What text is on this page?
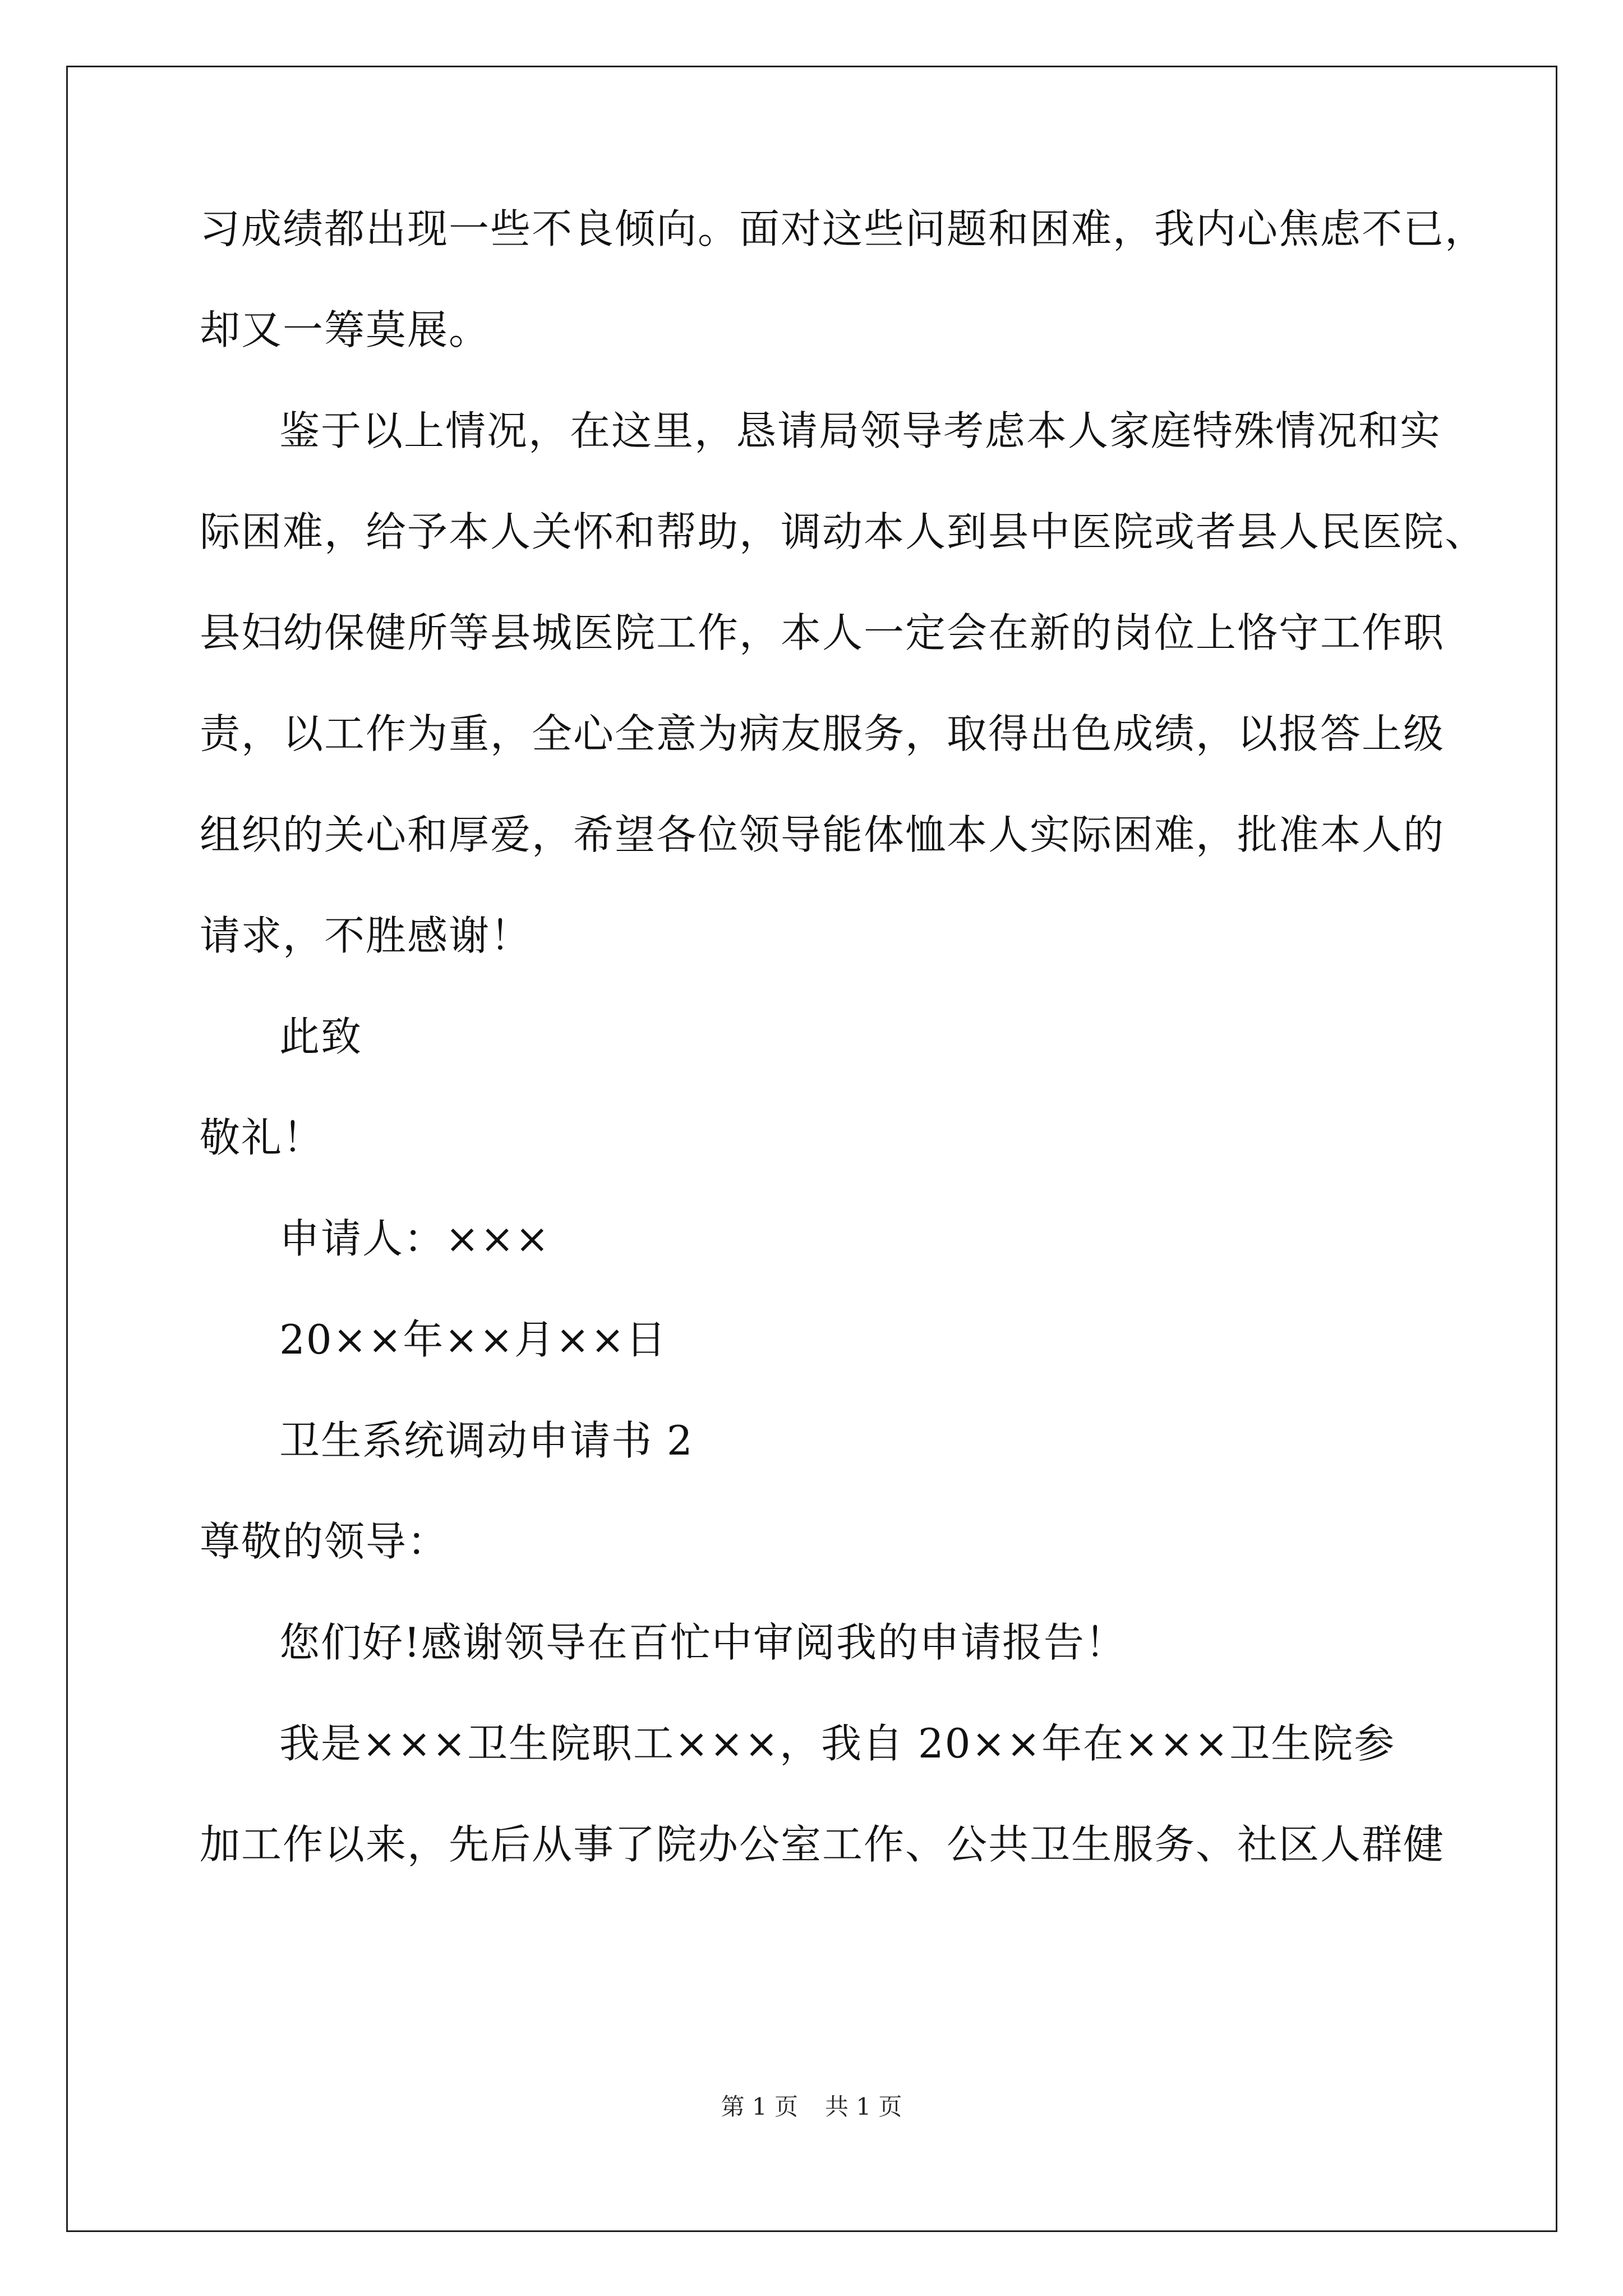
习成绩都出现一些不良倾向。面对这些问题和困难，我内心焦虑不已，
却又一筹莫展。
鉴于以上情况，在这里，恳请局领导考虑本人家庭特殊情况和实
际困难，给予本人关怀和帮助，调动本人到县中医院或者县人民医院、
县妇幼保健所等县城医院工作，本人一定会在新的岗位上恪守工作职
责，以工作为重，全心全意为病友服务，取得出色成绩，以报答上级
组织的关心和厚爱，希望各位领导能体恤本人实际困难，批准本人的
请求，不胜感谢！
此致
敬礼！
申请人：×××
20××年××月××日
卫生系统调动申请书 2
尊敬的领导：
您们好!感谢领导在百忙中审阅我的申请报告！
我是×××卫生院职工×××，我自 20××年在×××卫生院参
加工作以来，先后从事了院办公室工作、公共卫生服务、社区人群健
第 1 页 共 1 页
